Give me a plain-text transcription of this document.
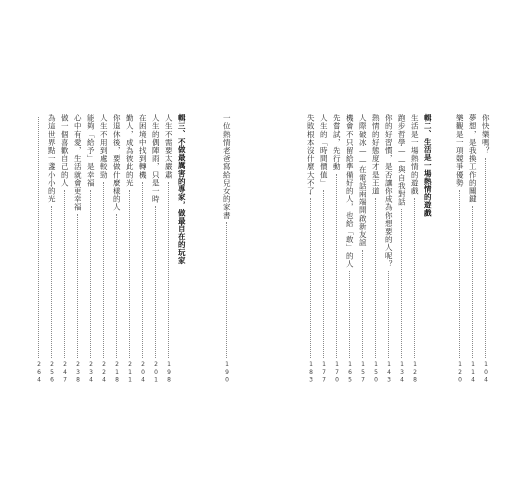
一位熱情老爸寫給兒女的家書
190
輯三、不做最厲害的專家，做最自在的玩家
人生不需要太嚴肅
198
人生的偶陣雨，只是一時
201
在困境中找到轉機
204
勤人，成為彼此的光
211
你退休後，要做什麼樣的人
218
人生不用到處較勁
224
能夠「給予」是幸福
234
心中有愛，生活就會更幸福
238
做一個喜歡自己的人
247
為這世界點一盞小小的光
256
264
你快樂嗎？
104
夢想，是我換工作的關鍵
114
樂觀是一項競爭優勢
120
輯二、生活是一場熱情的遊戲
生活是一場熱情的遊戲
128
跑步哲學——與自我對話
134
你的好習慣，是否讓你成為你想要的人呢？
143
熱情的好態度才是王道
150
人際破冰——在電話兩端開啟新友誼
157
機會不只留給準備好的人，也給「敢」的人
165
先嘗試，先行動
170
人生的「時間價值」
177
失敗根本沒什麼大不了
183
